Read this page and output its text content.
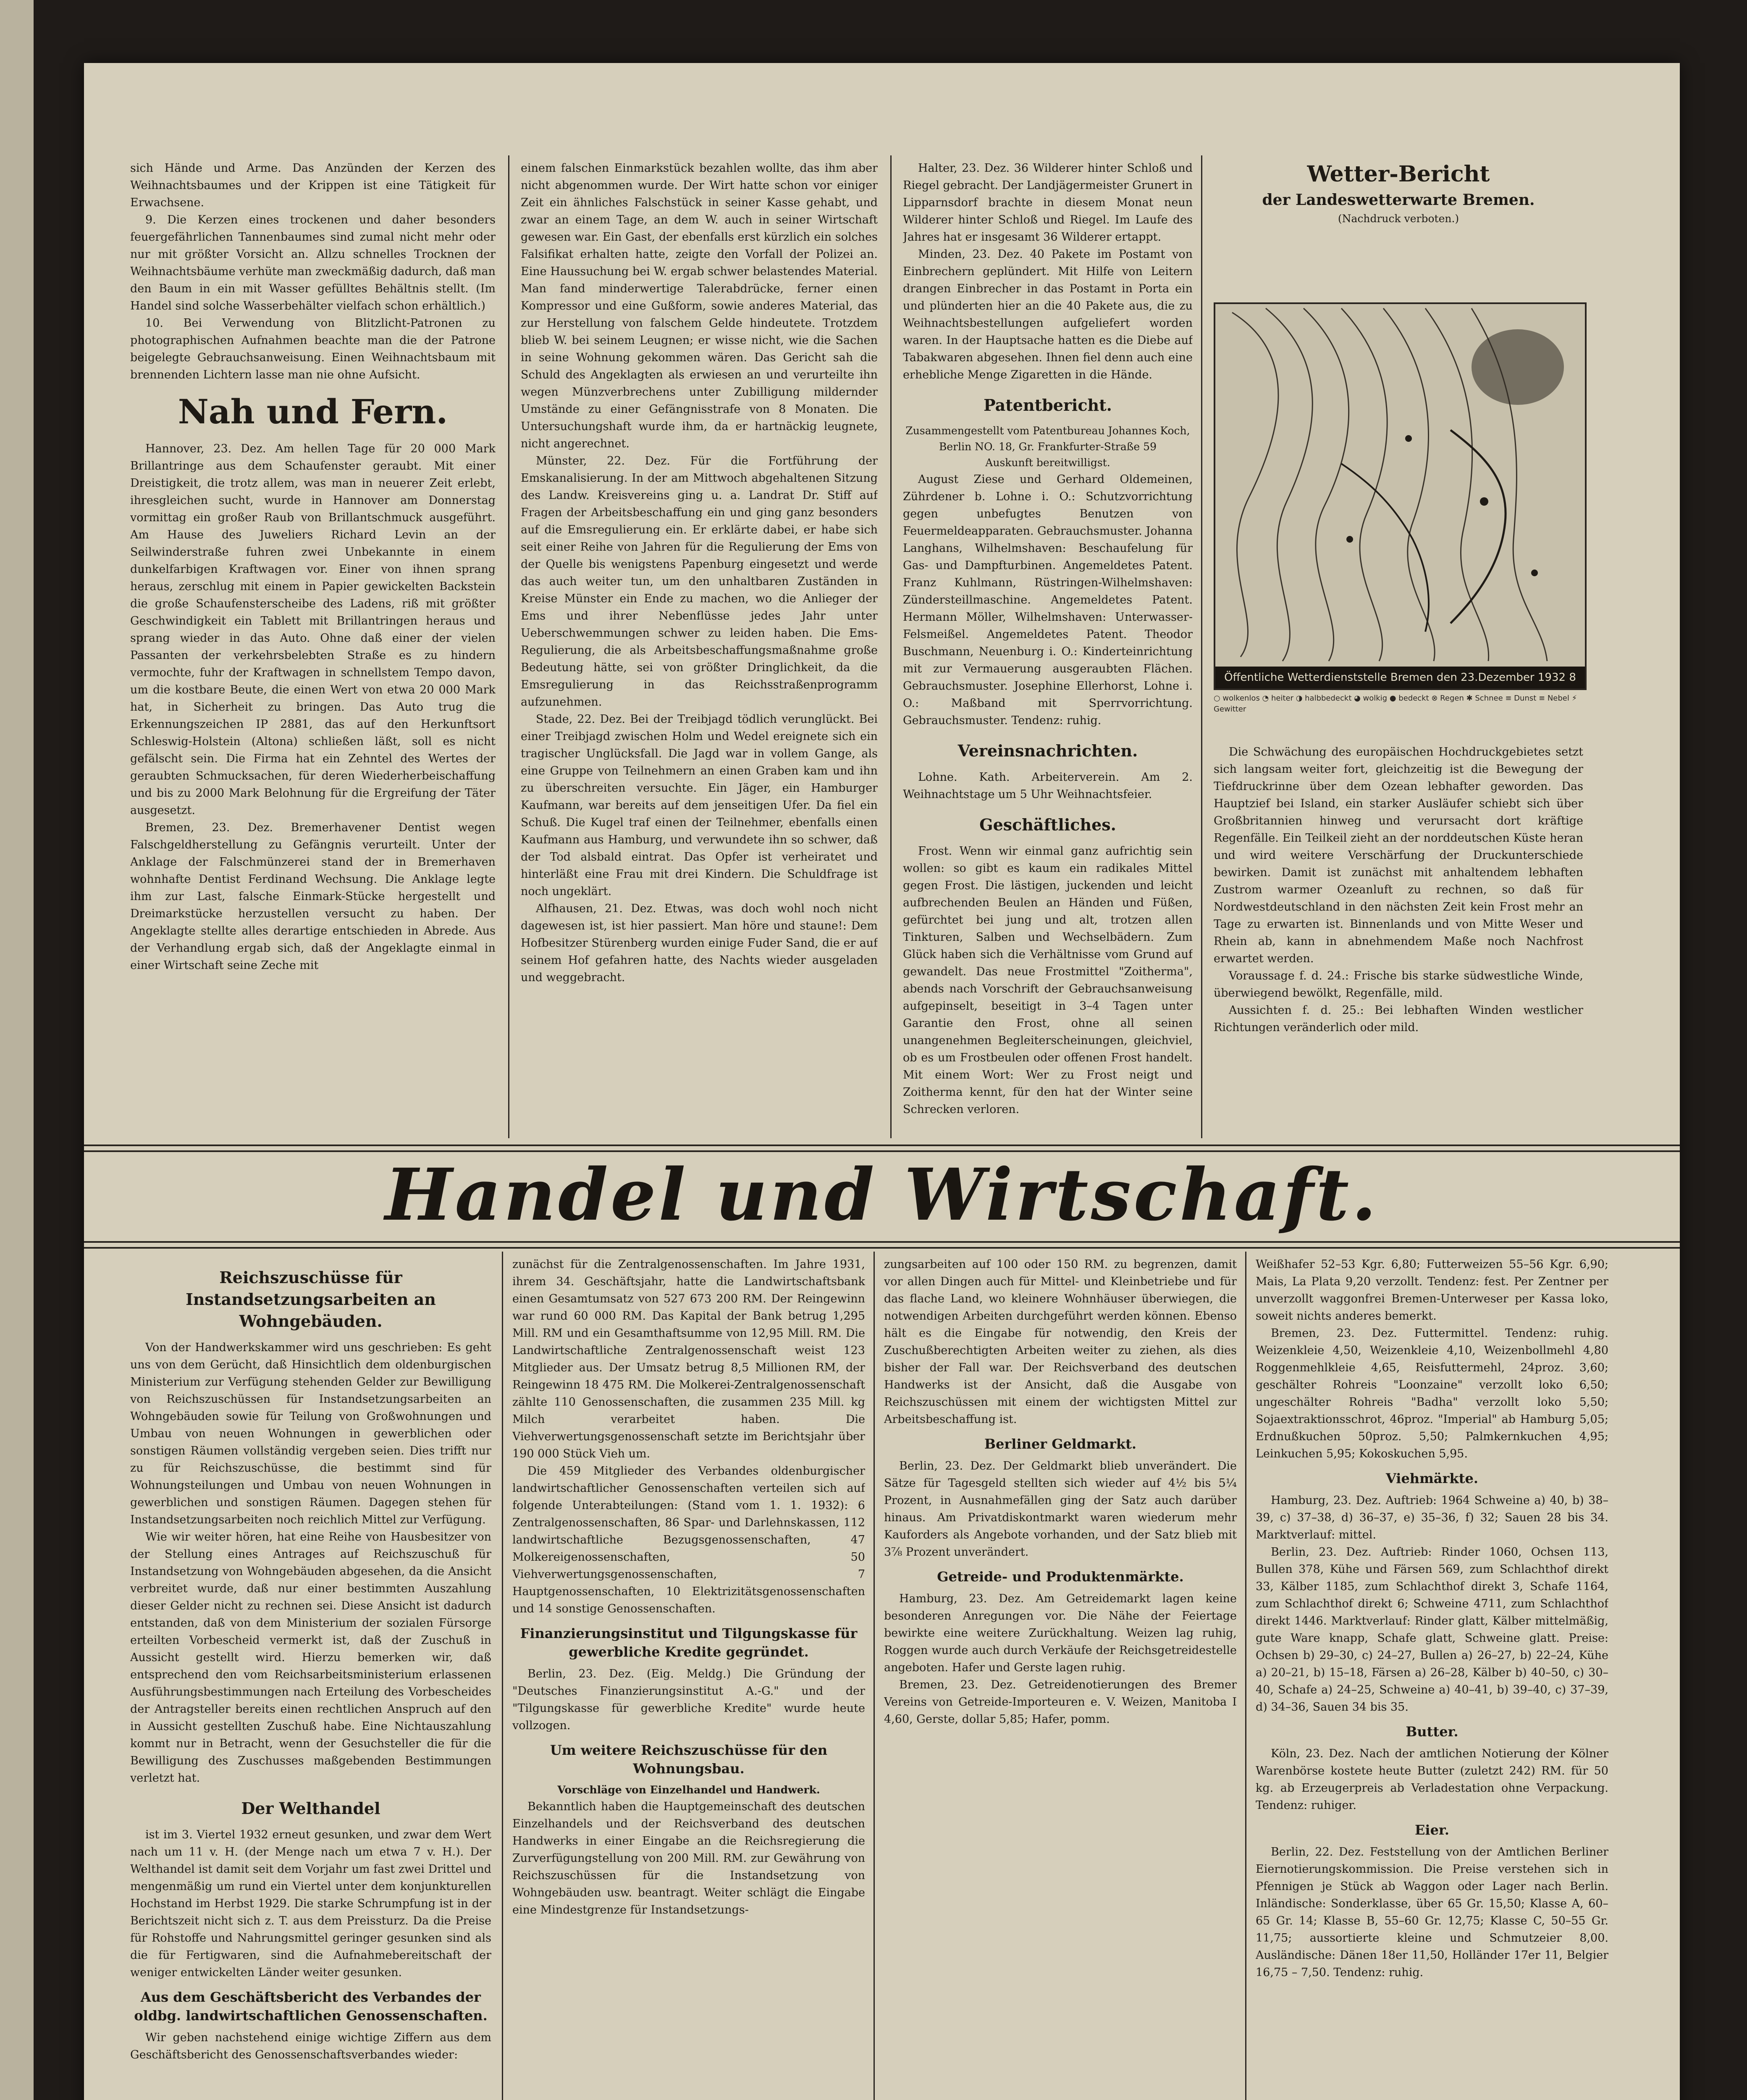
sich Hände und Arme. Das Anzünden der Kerzen des Weihnachtsbaumes und der Krippen ist eine Tätigkeit für Erwachsene.

9. Die Kerzen eines trockenen und daher besonders feuergefährlichen Tannenbaumes sind zumal nicht mehr oder nur mit größter Vorsicht an. Allzu schnelles Trocknen der Weihnachtsbäume verhüte man zweckmäßig dadurch, daß man den Baum in ein mit Wasser gefülltes Behältnis stellt. (Im Handel sind solche Wasserbehälter vielfach schon erhältlich.)

10. Bei Verwendung von Blitzlicht-Patronen zu photographischen Aufnahmen beachte man die der Patrone beigelegte Gebrauchsanweisung. Einen Weihnachtsbaum mit brennenden Lichtern lasse man nie ohne Aufsicht.

Nah und Fern.

Hannover, 23. Dez. Am hellen Tage für 20 000 Mark Brillantringe aus dem Schaufenster geraubt. Mit einer Dreistigkeit, die trotz allem, was man in neuerer Zeit erlebt, ihresgleichen sucht, wurde in Hannover am Donnerstag vormittag ein großer Raub von Brillantschmuck ausgeführt. Am Hause des Juweliers Richard Levin an der Seilwinderstraße fuhren zwei Unbekannte in einem dunkelfarbigen Kraftwagen vor. Einer von ihnen sprang heraus, zerschlug mit einem in Papier gewickelten Backstein die große Schaufensterscheibe des Ladens, riß mit größter Geschwindigkeit ein Tablett mit Brillantringen heraus und sprang wieder in das Auto. Ohne daß einer der vielen Passanten der verkehrsbelebten Straße es zu hindern vermochte, fuhr der Kraftwagen in schnellstem Tempo davon, um die kostbare Beute, die einen Wert von etwa 20 000 Mark hat, in Sicherheit zu bringen. Das Auto trug die Erkennungszeichen IP 2881, das auf den Herkunftsort Schleswig-Holstein (Altona) schließen läßt, soll es nicht gefälscht sein. Die Firma hat ein Zehntel des Wertes der geraubten Schmucksachen, für deren Wiederherbeischaffung und bis zu 2000 Mark Belohnung für die Ergreifung der Täter ausgesetzt.

Bremen, 23. Dez. Bremerhavener Dentist wegen Falschgeldherstellung zu Gefängnis verurteilt. Unter der Anklage der Falschmünzerei stand der in Bremerhaven wohnhafte Dentist Ferdinand Wechsung. Die Anklage legte ihm zur Last, falsche Einmark-Stücke hergestellt und Dreimarkstücke herzustellen versucht zu haben. Der Angeklagte stellte alles derartige entschieden in Abrede. Aus der Verhandlung ergab sich, daß der Angeklagte einmal in einer Wirtschaft seine Zeche mit

einem falschen Einmarkstück bezahlen wollte, das ihm aber nicht abgenommen wurde. Der Wirt hatte schon vor einiger Zeit ein ähnliches Falschstück in seiner Kasse gehabt, und zwar an einem Tage, an dem W. auch in seiner Wirtschaft gewesen war. Ein Gast, der ebenfalls erst kürzlich ein solches Falsifikat erhalten hatte, zeigte den Vorfall der Polizei an. Eine Haussuchung bei W. ergab schwer belastendes Material. Man fand minderwertige Talerabdrücke, ferner einen Kompressor und eine Gußform, sowie anderes Material, das zur Herstellung von falschem Gelde hindeutete. Trotzdem blieb W. bei seinem Leugnen; er wisse nicht, wie die Sachen in seine Wohnung gekommen wären. Das Gericht sah die Schuld des Angeklagten als erwiesen an und verurteilte ihn wegen Münzverbrechens unter Zubilligung mildernder Umstände zu einer Gefängnisstrafe von 8 Monaten. Die Untersuchungshaft wurde ihm, da er hartnäckig leugnete, nicht angerechnet.

Münster, 22. Dez. Für die Fortführung der Emskanalisierung. In der am Mittwoch abgehaltenen Sitzung des Landw. Kreisvereins ging u. a. Landrat Dr. Stiff auf Fragen der Arbeitsbeschaffung ein und ging ganz besonders auf die Emsregulierung ein. Er erklärte dabei, er habe sich seit einer Reihe von Jahren für die Regulierung der Ems von der Quelle bis wenigstens Papenburg eingesetzt und werde das auch weiter tun, um den unhaltbaren Zuständen in Kreise Münster ein Ende zu machen, wo die Anlieger der Ems und ihrer Nebenflüsse jedes Jahr unter Ueberschwemmungen schwer zu leiden haben. Die Ems-Regulierung, die als Arbeitsbeschaffungsmaßnahme große Bedeutung hätte, sei von größter Dringlichkeit, da die Emsregulierung in das Reichsstraßenprogramm aufzunehmen.

Stade, 22. Dez. Bei der Treibjagd tödlich verunglückt. Bei einer Treibjagd zwischen Holm und Wedel ereignete sich ein tragischer Unglücksfall. Die Jagd war in vollem Gange, als eine Gruppe von Teilnehmern an einen Graben kam und ihn zu überschreiten versuchte. Ein Jäger, ein Hamburger Kaufmann, war bereits auf dem jenseitigen Ufer. Da fiel ein Schuß. Die Kugel traf einen der Teilnehmer, ebenfalls einen Kaufmann aus Hamburg, und verwundete ihn so schwer, daß der Tod alsbald eintrat. Das Opfer ist verheiratet und hinterläßt eine Frau mit drei Kindern. Die Schuldfrage ist noch ungeklärt.

Alfhausen, 21. Dez. Etwas, was doch wohl noch nicht dagewesen ist, ist hier passiert. Man höre und staune!: Dem Hofbesitzer Stürenberg wurden einige Fuder Sand, die er auf seinem Hof gefahren hatte, des Nachts wieder ausgeladen und weggebracht.

Halter, 23. Dez. 36 Wilderer hinter Schloß und Riegel gebracht. Der Landjägermeister Grunert in Lipparnsdorf brachte in diesem Monat neun Wilderer hinter Schloß und Riegel. Im Laufe des Jahres hat er insgesamt 36 Wilderer ertappt.

Minden, 23. Dez. 40 Pakete im Postamt von Einbrechern geplündert. Mit Hilfe von Leitern drangen Einbrecher in das Postamt in Porta ein und plünderten hier an die 40 Pakete aus, die zu Weihnachtsbestellungen aufgeliefert worden waren. In der Hauptsache hatten es die Diebe auf Tabakwaren abgesehen. Ihnen fiel denn auch eine erhebliche Menge Zigaretten in die Hände.

Patentbericht.

Zusammengestellt vom Patentbureau Johannes Koch, Berlin NO. 18, Gr. Frankfurter-Straße 59

Auskunft bereitwilligst.

August Ziese und Gerhard Oldemeinen, Zührdener b. Lohne i. O.: Schutzvorrichtung gegen unbefugtes Benutzen von Feuermeldeapparaten. Gebrauchsmuster. Johanna Langhans, Wilhelmshaven: Beschaufelung für Gas- und Dampfturbinen. Angemeldetes Patent. Franz Kuhlmann, Rüstringen-Wilhelmshaven: Zündersteillmaschine. Angemeldetes Patent. Hermann Möller, Wilhelmshaven: Unterwasser-Felsmeißel. Angemeldetes Patent. Theodor Buschmann, Neuenburg i. O.: Kinderteinrichtung mit zur Vermauerung ausgeraubten Flächen. Gebrauchsmuster. Josephine Ellerhorst, Lohne i. O.: Maßband mit Sperrvorrichtung. Gebrauchsmuster. Tendenz: ruhig.

Vereinsnachrichten.

Lohne. Kath. Arbeiterverein. Am 2. Weihnachtstage um 5 Uhr Weihnachtsfeier.

Geschäftliches.

Frost. Wenn wir einmal ganz aufrichtig sein wollen: so gibt es kaum ein radikales Mittel gegen Frost. Die lästigen, juckenden und leicht aufbrechenden Beulen an Händen und Füßen, gefürchtet bei jung und alt, trotzen allen Tinkturen, Salben und Wechselbädern. Zum Glück haben sich die Verhältnisse vom Grund auf gewandelt. Das neue Frostmittel "Zoitherma", abends nach Vorschrift der Gebrauchsanweisung aufgepinselt, beseitigt in 3–4 Tagen unter Garantie den Frost, ohne all seinen unangenehmen Begleiterscheinungen, gleichviel, ob es um Frostbeulen oder offenen Frost handelt. Mit einem Wort: Wer zu Frost neigt und Zoitherma kennt, für den hat der Winter seine Schrecken verloren.

Wetter-Bericht
der Landeswetterwarte Bremen.
(Nachdruck verboten.)
Öffentliche Wetterdienststelle Bremen den 23.Dezember 1932 8
○ wolkenlos ◔ heiter ◑ halbbedeckt ◕ wolkig ● bedeckt ⊗ Regen ✱ Schnee ≡ Dunst ≡ Nebel ⚡ Gewitter

Die Schwächung des europäischen Hochdruckgebietes setzt sich langsam weiter fort, gleichzeitig ist die Bewegung der Tiefdruckrinne über dem Ozean lebhafter geworden. Das Hauptzief bei Island, ein starker Ausläufer schiebt sich über Großbritannien hinweg und verursacht dort kräftige Regenfälle. Ein Teilkeil zieht an der norddeutschen Küste heran und wird weitere Verschärfung der Druckunterschiede bewirken. Damit ist zunächst mit anhaltendem lebhaften Zustrom warmer Ozeanluft zu rechnen, so daß für Nordwestdeutschland in den nächsten Zeit kein Frost mehr an Tage zu erwarten ist. Binnenlands und von Mitte Weser und Rhein ab, kann in abnehmendem Maße noch Nachfrost erwartet werden.

Voraussage f. d. 24.: Frische bis starke südwestliche Winde, überwiegend bewölkt, Regenfälle, mild.

Aussichten f. d. 25.: Bei lebhaften Winden westlicher Richtungen veränderlich oder mild.

Handel und Wirtschaft.
Reichszuschüsse für Instandsetzungsarbeiten an Wohngebäuden.

Von der Handwerkskammer wird uns geschrieben: Es geht uns von dem Gerücht, daß Hinsichtlich dem oldenburgischen Ministerium zur Verfügung stehenden Gelder zur Bewilligung von Reichszuschüssen für Instandsetzungsarbeiten an Wohngebäuden sowie für Teilung von Großwohnungen und Umbau von neuen Wohnungen in gewerblichen oder sonstigen Räumen vollständig vergeben seien. Dies trifft nur zu für Reichszuschüsse, die bestimmt sind für Wohnungsteilungen und Umbau von neuen Wohnungen in gewerblichen und sonstigen Räumen. Dagegen stehen für Instandsetzungsarbeiten noch reichlich Mittel zur Verfügung.

Wie wir weiter hören, hat eine Reihe von Hausbesitzer von der Stellung eines Antrages auf Reichszuschuß für Instandsetzung von Wohngebäuden abgesehen, da die Ansicht verbreitet wurde, daß nur einer bestimmten Auszahlung dieser Gelder nicht zu rechnen sei. Diese Ansicht ist dadurch entstanden, daß von dem Ministerium der sozialen Fürsorge erteilten Vorbescheid vermerkt ist, daß der Zuschuß in Aussicht gestellt wird. Hierzu bemerken wir, daß entsprechend den vom Reichsarbeitsministerium erlassenen Ausführungsbestimmungen nach Erteilung des Vorbescheides der Antragsteller bereits einen rechtlichen Anspruch auf den in Aussicht gestellten Zuschuß habe. Eine Nichtauszahlung kommt nur in Betracht, wenn der Gesuchsteller die für die Bewilligung des Zuschusses maßgebenden Bestimmungen verletzt hat.

Der Welthandel

ist im 3. Viertel 1932 erneut gesunken, und zwar dem Wert nach um 11 v. H. (der Menge nach um etwa 7 v. H.). Der Welthandel ist damit seit dem Vorjahr um fast zwei Drittel und mengenmäßig um rund ein Viertel unter dem konjunkturellen Hochstand im Herbst 1929. Die starke Schrumpfung ist in der Berichtszeit nicht sich z. T. aus dem Preissturz. Da die Preise für Rohstoffe und Nahrungsmittel geringer gesunken sind als die für Fertigwaren, sind die Aufnahmebereitschaft der weniger entwickelten Länder weiter gesunken.

Aus dem Geschäftsbericht des Verbandes der oldbg. landwirtschaftlichen Genossenschaften.

Wir geben nachstehend einige wichtige Ziffern aus dem Geschäftsbericht des Genossenschaftsverbandes wieder:

zunächst für die Zentralgenossenschaften. Im Jahre 1931, ihrem 34. Geschäftsjahr, hatte die Landwirtschaftsbank einen Gesamtumsatz von 527 673 200 RM. Der Reingewinn war rund 60 000 RM. Das Kapital der Bank betrug 1,295 Mill. RM und ein Gesamthaftsumme von 12,95 Mill. RM. Die Landwirtschaftliche Zentralgenossenschaft weist 123 Mitglieder aus. Der Umsatz betrug 8,5 Millionen RM, der Reingewinn 18 475 RM. Die Molkerei-Zentralgenossenschaft zählte 110 Genossenschaften, die zusammen 235 Mill. kg Milch verarbeitet haben. Die Viehverwertungsgenossenschaft setzte im Berichtsjahr über 190 000 Stück Vieh um.

Die 459 Mitglieder des Verbandes oldenburgischer landwirtschaftlicher Genossenschaften verteilen sich auf folgende Unterabteilungen: (Stand vom 1. 1. 1932): 6 Zentralgenossenschaften, 86 Spar- und Darlehnskassen, 112 landwirtschaftliche Bezugsgenossenschaften, 47 Molkereigenossenschaften, 50 Viehverwertungsgenossenschaften, 7 Hauptgenossenschaften, 10 Elektrizitätsgenossenschaften und 14 sonstige Genossenschaften.

Finanzierungsinstitut und Tilgungskasse für gewerbliche Kredite gegründet.

Berlin, 23. Dez. (Eig. Meldg.) Die Gründung der "Deutsches Finanzierungsinstitut A.-G." und der "Tilgungskasse für gewerbliche Kredite" wurde heute vollzogen.

Um weitere Reichszuschüsse für den Wohnungsbau.

Vorschläge von Einzelhandel und Handwerk.

Bekanntlich haben die Hauptgemeinschaft des deutschen Einzelhandels und der Reichsverband des deutschen Handwerks in einer Eingabe an die Reichsregierung die Zurverfügungstellung von 200 Mill. RM. zur Gewährung von Reichszuschüssen für die Instandsetzung von Wohngebäuden usw. beantragt. Weiter schlägt die Eingabe eine Mindestgrenze für Instandsetzungs-

zungsarbeiten auf 100 oder 150 RM. zu begrenzen, damit vor allen Dingen auch für Mittel- und Kleinbetriebe und für das flache Land, wo kleinere Wohnhäuser überwiegen, die notwendigen Arbeiten durchgeführt werden können. Ebenso hält es die Eingabe für notwendig, den Kreis der Zuschußberechtigten Arbeiten weiter zu ziehen, als dies bisher der Fall war. Der Reichsverband des deutschen Handwerks ist der Ansicht, daß die Ausgabe von Reichszuschüssen mit einem der wichtigsten Mittel zur Arbeitsbeschaffung ist.

Berliner Geldmarkt.

Berlin, 23. Dez. Der Geldmarkt blieb unverändert. Die Sätze für Tagesgeld stellten sich wieder auf 4½ bis 5¼ Prozent, in Ausnahmefällen ging der Satz auch darüber hinaus. Am Privatdiskontmarkt waren wiederum mehr Kauforders als Angebote vorhanden, und der Satz blieb mit 3⅞ Prozent unverändert.

Getreide- und Produktenmärkte.

Hamburg, 23. Dez. Am Getreidemarkt lagen keine besonderen Anregungen vor. Die Nähe der Feiertage bewirkte eine weitere Zurückhaltung. Weizen lag ruhig, Roggen wurde auch durch Verkäufe der Reichsgetreidestelle angeboten. Hafer und Gerste lagen ruhig.

Bremen, 23. Dez. Getreidenotierungen des Bremer Vereins von Getreide-Importeuren e. V. Weizen, Manitoba I 4,60, Gerste, dollar 5,85; Hafer, pomm.

Weißhafer 52–53 Kgr. 6,80; Futterweizen 55–56 Kgr. 6,90; Mais, La Plata 9,20 verzollt. Tendenz: fest. Per Zentner per unverzollt waggonfrei Bremen-Unterweser per Kassa loko, soweit nichts anderes bemerkt.

Bremen, 23. Dez. Futtermittel. Tendenz: ruhig. Weizenkleie 4,50, Weizenkleie 4,10, Weizenbollmehl 4,80 Roggenmehlkleie 4,65, Reisfuttermehl, 24proz. 3,60; geschälter Rohreis "Loonzaine" verzollt loko 6,50; ungeschälter Rohreis "Badha" verzollt loko 5,50; Sojaextraktionsschrot, 46proz. "Imperial" ab Hamburg 5,05; Erdnußkuchen 50proz. 5,50; Palmkernkuchen 4,95; Leinkuchen 5,95; Kokoskuchen 5,95.

Viehmärkte.

Hamburg, 23. Dez. Auftrieb: 1964 Schweine a) 40, b) 38–39, c) 37–38, d) 36–37, e) 35–36, f) 32; Sauen 28 bis 34. Marktverlauf: mittel.

Berlin, 23. Dez. Auftrieb: Rinder 1060, Ochsen 113, Bullen 378, Kühe und Färsen 569, zum Schlachthof direkt 33, Kälber 1185, zum Schlachthof direkt 3, Schafe 1164, zum Schlachthof direkt 6; Schweine 4711, zum Schlachthof direkt 1446. Marktverlauf: Rinder glatt, Kälber mittelmäßig, gute Ware knapp, Schafe glatt, Schweine glatt. Preise: Ochsen b) 29–30, c) 24–27, Bullen a) 26–27, b) 22–24, Kühe a) 20–21, b) 15–18, Färsen a) 26–28, Kälber b) 40–50, c) 30–40, Schafe a) 24–25, Schweine a) 40–41, b) 39–40, c) 37–39, d) 34–36, Sauen 34 bis 35.

Butter.

Köln, 23. Dez. Nach der amtlichen Notierung der Kölner Warenbörse kostete heute Butter (zuletzt 242) RM. für 50 kg. ab Erzeugerpreis ab Verladestation ohne Verpackung. Tendenz: ruhiger.

Eier.

Berlin, 22. Dez. Feststellung von der Amtlichen Berliner Eiernotierungskommission. Die Preise verstehen sich in Pfennigen je Stück ab Waggon oder Lager nach Berlin. Inländische: Sonderklasse, über 65 Gr. 15,50; Klasse A, 60–65 Gr. 14; Klasse B, 55–60 Gr. 12,75; Klasse C, 50–55 Gr. 11,75; aussortierte kleine und Schmutzeier 8,00. Ausländische: Dänen 18er 11,50, Holländer 17er 11, Belgier 16,75 – 7,50. Tendenz: ruhig.
